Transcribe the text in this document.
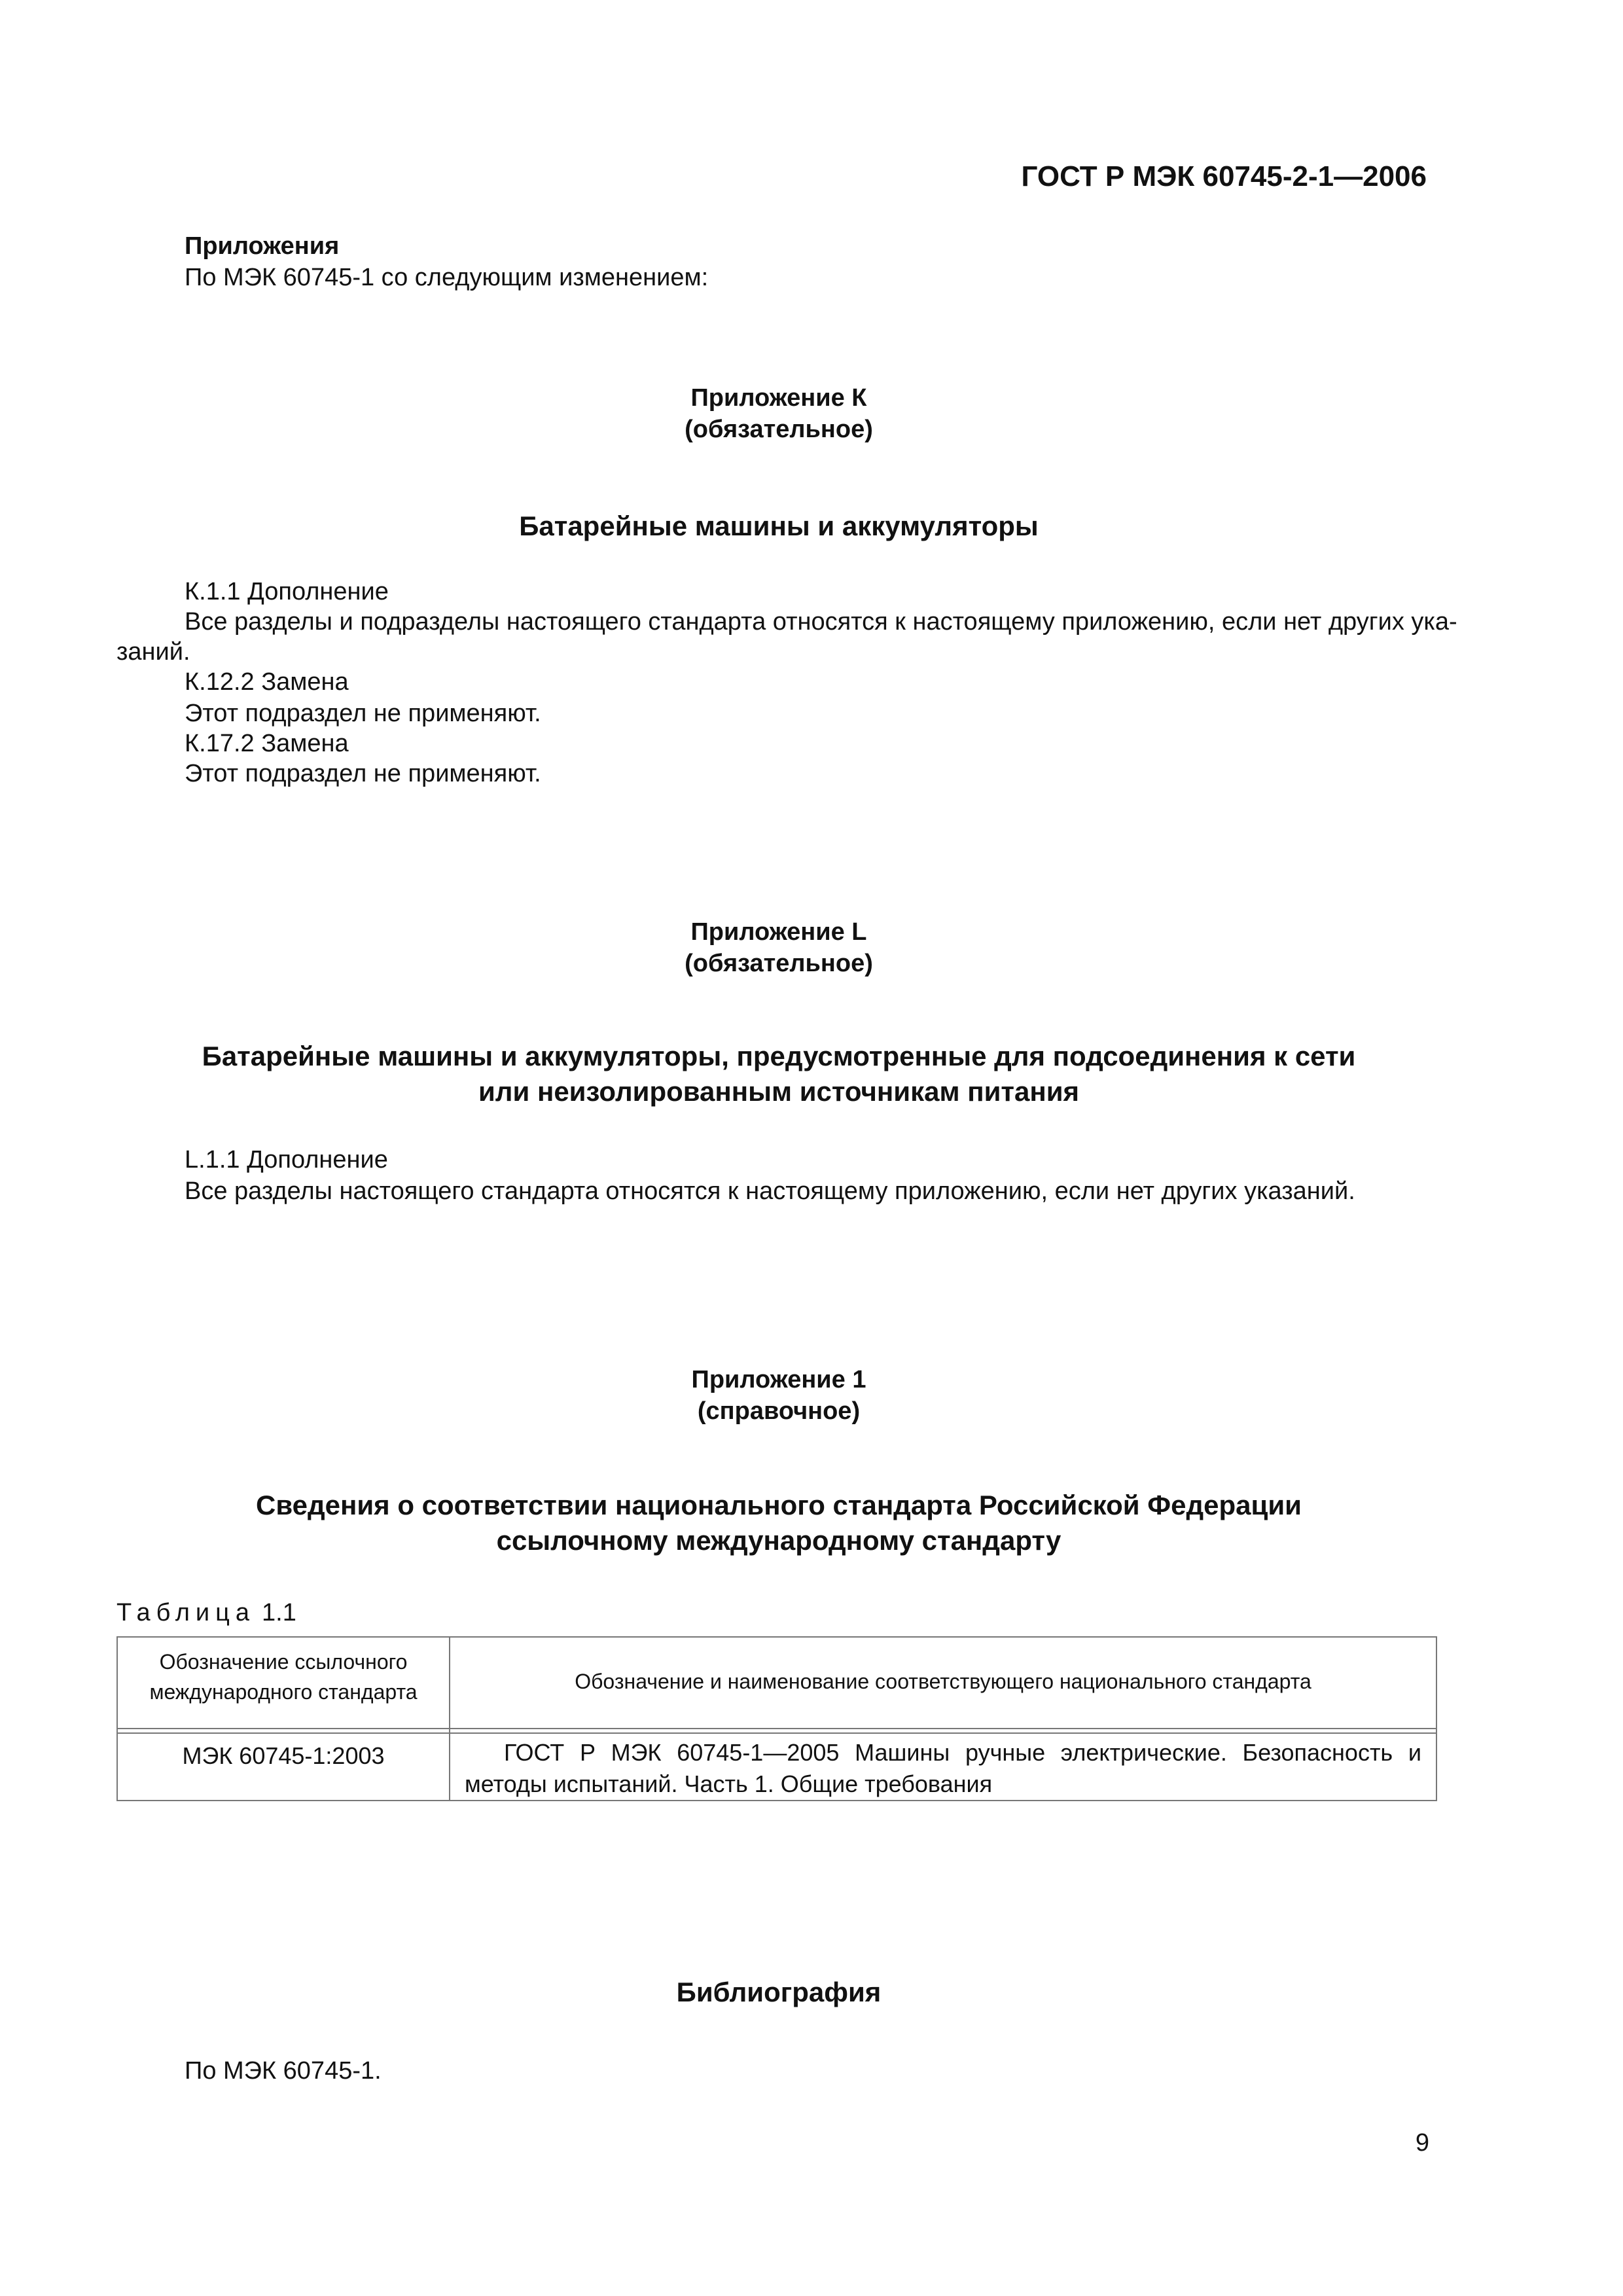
ГОСТ Р МЭК 60745-2-1—2006
Приложения
По МЭК 60745-1 со следующим изменением:
Приложение К
(обязательное)
Батарейные машины и аккумуляторы
К.1.1 Дополнение
Все разделы и подразделы настоящего стандарта относятся к настоящему приложению, если нет других ука-
заний.
К.12.2 Замена
Этот подраздел не применяют.
К.17.2 Замена
Этот подраздел не применяют.
Приложение L
(обязательное)
Батарейные машины и аккумуляторы, предусмотренные для подсоединения к сети
или неизолированным источникам питания
L.1.1 Дополнение
Все разделы настоящего стандарта относятся к настоящему приложению, если нет других указаний.
Приложение 1
(справочное)
Сведения о соответствии национального стандарта Российской Федерации
ссылочному международному стандарту
Таблица 1.1
Обозначение ссылочного международного стандарта	Обозначение и наименование соответствующего национального стандарта
МЭК 60745-1:2003	ГОСТ Р МЭК 60745-1—2005 Машины ручные электрические. Безопасность и
методы испытаний. Часть 1. Общие требования
Библиография
По МЭК 60745-1.
9
